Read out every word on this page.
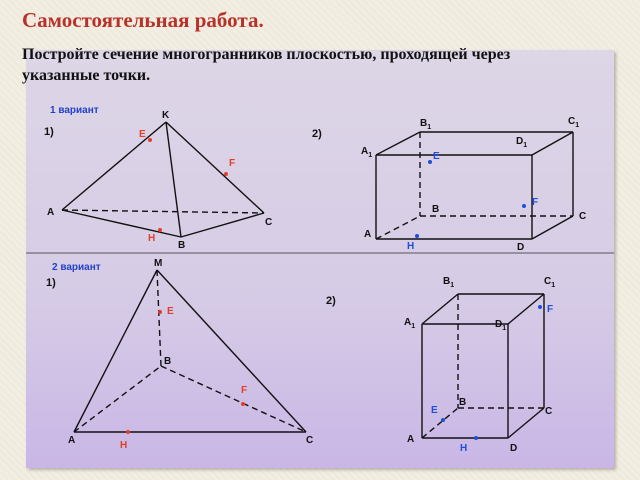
Самостоятельная работа.
Постройте сечение многогранников плоскостью, проходящей через указанные точки.
1 вариант
1)
K
A
B
C
E
F
H
2)
$A_1$
$B_1$
$C_1$
$D_1$
A
B
C
D
E
F
H
2 вариант
1)
M
A
B
C
E
F
H
2)
$A_1$
$B_1$	$C_1$
$D_1$
A
B
C
D
E
F
H
